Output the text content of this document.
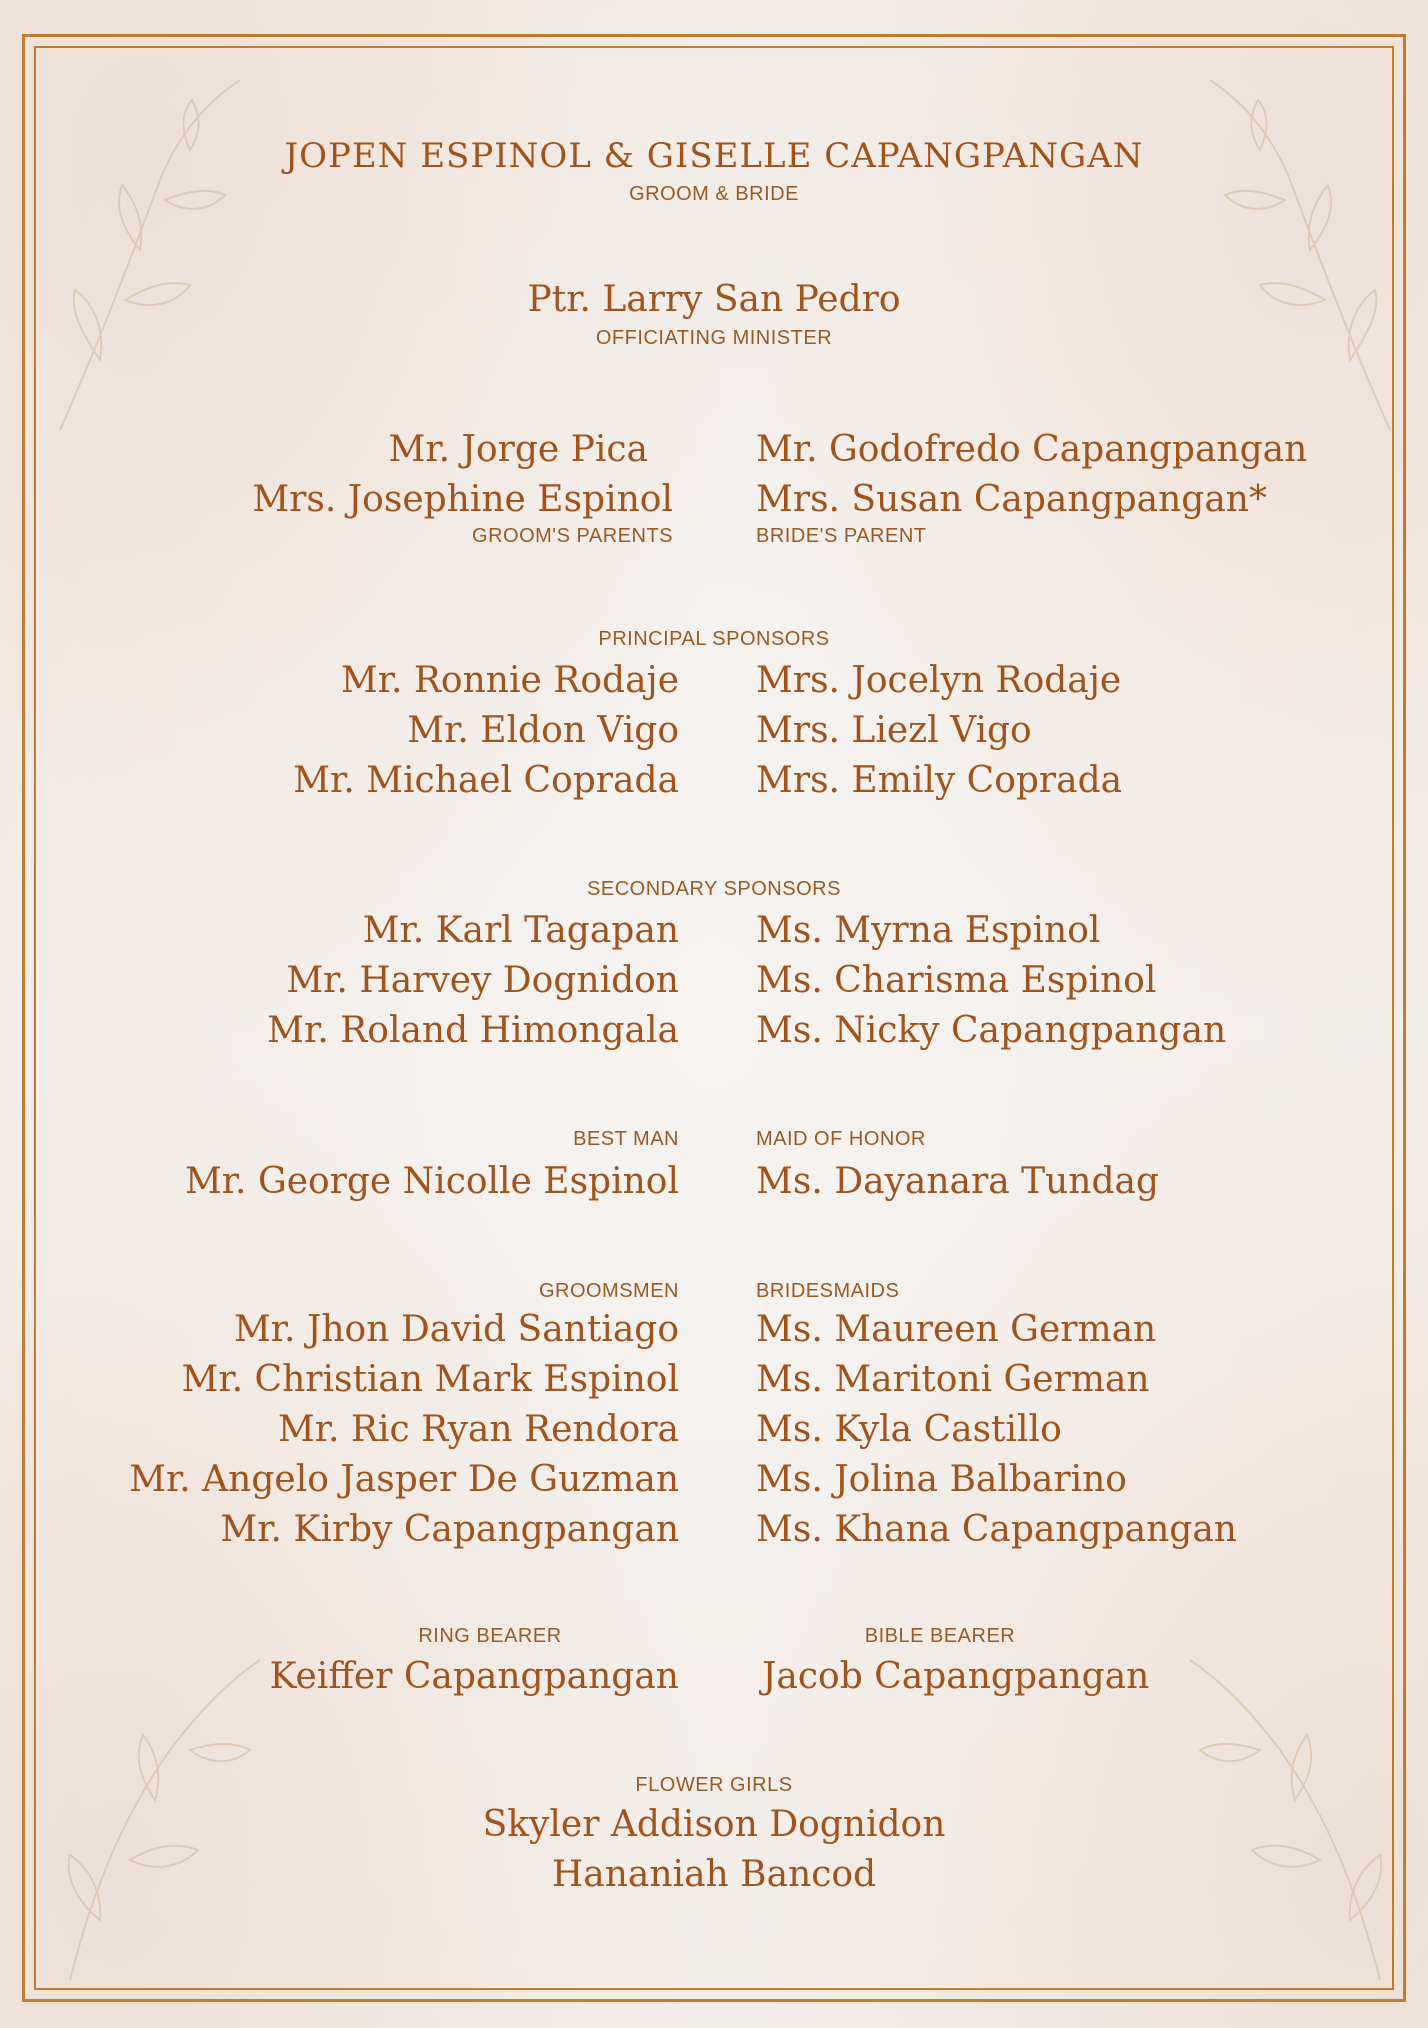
JOPEN ESPINOL & GISELLE CAPANGPANGAN
GROOM & BRIDE
Ptr. Larry San Pedro
OFFICIATING MINISTER
Mr. Jorge Pica
Mrs. Josephine Espinol
GROOM'S PARENTS
Mr. Godofredo Capangpangan
Mrs. Susan Capangpangan*
BRIDE'S PARENT
PRINCIPAL SPONSORS
Mr. Ronnie Rodaje
Mr. Eldon Vigo
Mr. Michael Coprada
Mrs. Jocelyn Rodaje
Mrs. Liezl Vigo
Mrs. Emily Coprada
SECONDARY SPONSORS
Mr. Karl Tagapan
Mr. Harvey Dognidon
Mr. Roland Himongala
Ms. Myrna Espinol
Ms. Charisma Espinol
Ms. Nicky Capangpangan
BEST MAN
Mr. George Nicolle Espinol
MAID OF HONOR
Ms. Dayanara Tundag
GROOMSMEN
Mr. Jhon David Santiago
Mr. Christian Mark Espinol
Mr. Ric Ryan Rendora
Mr. Angelo Jasper De Guzman
Mr. Kirby Capangpangan
BRIDESMAIDS
Ms. Maureen German
Ms. Maritoni German
Ms. Kyla Castillo
Ms. Jolina Balbarino
Ms. Khana Capangpangan
RING BEARER
Keiffer Capangpangan
BIBLE BEARER
Jacob Capangpangan
FLOWER GIRLS
Skyler Addison Dognidon
Hananiah Bancod
